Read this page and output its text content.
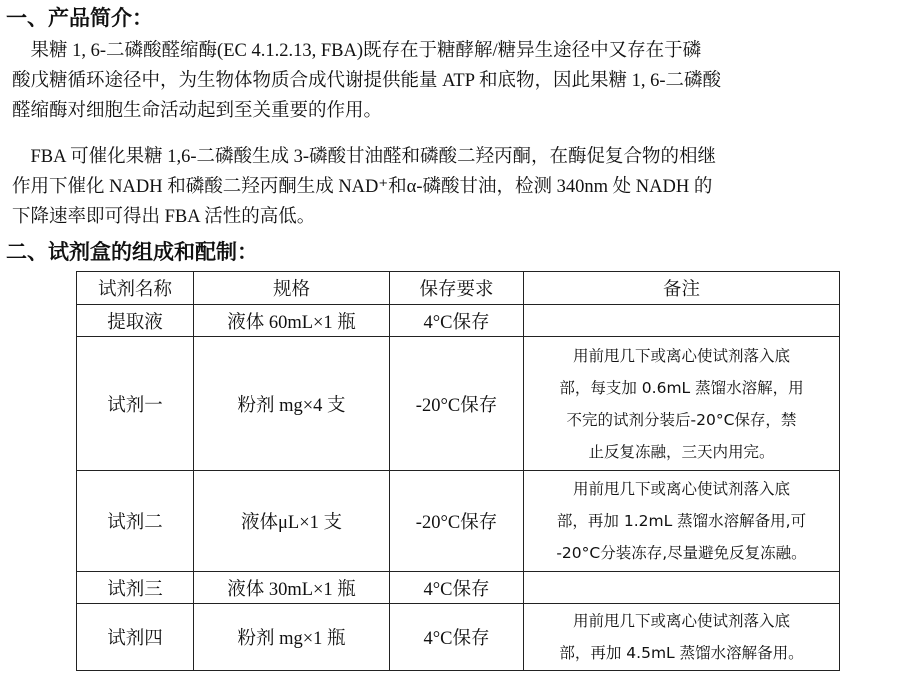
一、产品简介：
　果糖 1, 6-二磷酸醛缩酶(EC 4.1.2.13, FBA)既存在于糖酵解/糖异生途径中又存在于磷
酸戊糖循环途径中，为生物体物质合成代谢提供能量 ATP 和底物，因此果糖 1, 6-二磷酸
醛缩酶对细胞生命活动起到至关重要的作用。
　FBA 可催化果糖 1,6-二磷酸生成 3-磷酸甘油醛和磷酸二羟丙酮，在酶促复合物的相继
作用下催化 NADH 和磷酸二羟丙酮生成 NAD⁺和α-磷酸甘油，检测 340nm 处 NADH 的
下降速率即可得出 FBA 活性的高低。
二、试剂盒的组成和配制：
试剂名称	规格	保存要求	备注
提取液	液体 60mL×1 瓶	4°C保存	
试剂一	粉剂 mg×4 支	-20°C保存	用前甩几下或离心使试剂落入底
部，每支加 0.6mL 蒸馏水溶解，用
不完的试剂分装后-20°C保存，禁
止反复冻融，三天内用完。

试剂二	液体μL×1 支	-20°C保存	用前甩几下或离心使试剂落入底
部，再加 1.2mL 蒸馏水溶解备用,可
-20°C分装冻存,尽量避免反复冻融。

试剂三	液体 30mL×1 瓶	4°C保存	
试剂四	粉剂 mg×1 瓶	4°C保存	用前甩几下或离心使试剂落入底
部，再加 4.5mL 蒸馏水溶解备用。
